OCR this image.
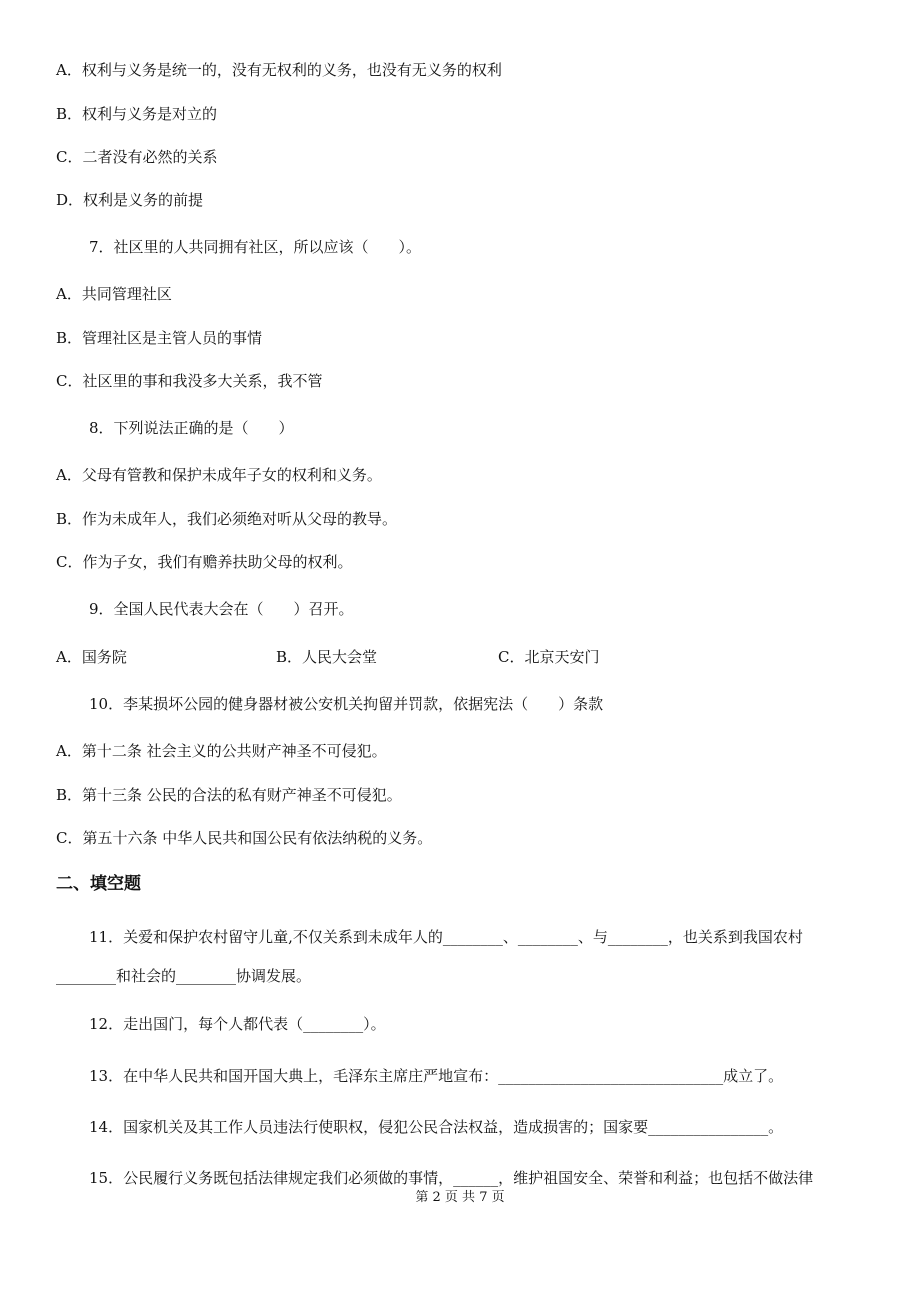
A．权利与义务是统一的，没有无权利的义务，也没有无义务的权利
B．权利与义务是对立的
C．二者没有必然的关系
D．权利是义务的前提
7．社区里的人共同拥有社区，所以应该（　　）。
A．共同管理社区
B．管理社区是主管人员的事情
C．社区里的事和我没多大关系，我不管
8．下列说法正确的是（　　）
A．父母有管教和保护未成年子女的权利和义务。
B．作为未成年人，我们必须绝对听从父母的教导。
C．作为子女，我们有赡养扶助父母的权利。
9．全国人民代表大会在（　　）召开。
A．国务院	B．人民大会堂	C．北京天安门
10．李某损坏公园的健身器材被公安机关拘留并罚款，依据宪法（　　）条款
A．第十二条 社会主义的公共财产神圣不可侵犯。
B．第十三条 公民的合法的私有财产神圣不可侵犯。
C．第五十六条 中华人民共和国公民有依法纳税的义务。
二、填空题
11．关爱和保护农村留守儿童,不仅关系到未成年人的________、________、与________，也关系到我国农村
________和社会的________协调发展。
12．走出国门，每个人都代表（________）。
13．在中华人民共和国开国大典上，毛泽东主席庄严地宣布：______________________________成立了。
14．国家机关及其工作人员违法行使职权，侵犯公民合法权益，造成损害的；国家要________________。
15．公民履行义务既包括法律规定我们必须做的事情，______，维护祖国安全、荣誉和利益；也包括不做法律
第 2 页 共 7 页
